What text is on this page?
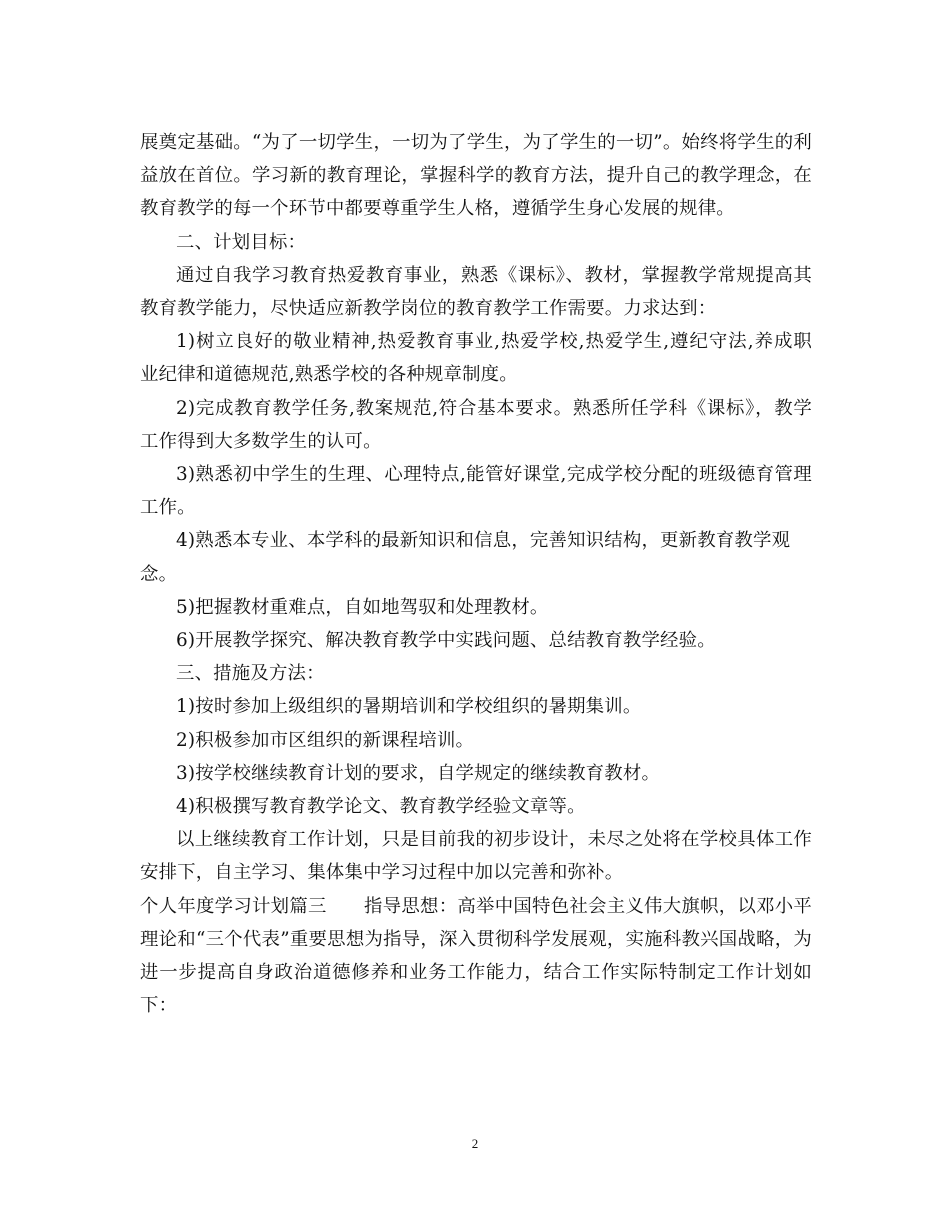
展奠定基础。“为了一切学生，一切为了学生，为了学生的一切”。始终将学生的利

益放在首位。学习新的教育理论，掌握科学的教育方法，提升自己的教学理念，在

教育教学的每一个环节中都要尊重学生人格，遵循学生身心发展的规律。

二、计划目标：

通过自我学习教育热爱教育事业，熟悉《课标》、教材，掌握教学常规提高其

教育教学能力，尽快适应新教学岗位的教育教学工作需要。力求达到：

1)树立良好的敬业精神,热爱教育事业,热爱学校,热爱学生,遵纪守法,养成职

业纪律和道德规范,熟悉学校的各种规章制度。

2)完成教育教学任务,教案规范,符合基本要求。熟悉所任学科《课标》，教学

工作得到大多数学生的认可。

3)熟悉初中学生的生理、心理特点,能管好课堂,完成学校分配的班级德育管理

工作。

4)熟悉本专业、本学科的最新知识和信息，完善知识结构，更新教育教学观

念。

5)把握教材重难点，自如地驾驭和处理教材。

6)开展教学探究、解决教育教学中实践问题、总结教育教学经验。

三、措施及方法：

1)按时参加上级组织的暑期培训和学校组织的暑期集训。

2)积极参加市区组织的新课程培训。

3)按学校继续教育计划的要求，自学规定的继续教育教材。

4)积极撰写教育教学论文、教育教学经验文章等。

以上继续教育工作计划，只是目前我的初步设计，未尽之处将在学校具体工作

安排下，自主学习、集体集中学习过程中加以完善和弥补。

个人年度学习计划篇三　　指导思想：高举中国特色社会主义伟大旗帜，以邓小平

理论和“三个代表”重要思想为指导，深入贯彻科学发展观，实施科教兴国战略，为

进一步提高自身政治道德修养和业务工作能力，结合工作实际特制定工作计划如

下：

2
